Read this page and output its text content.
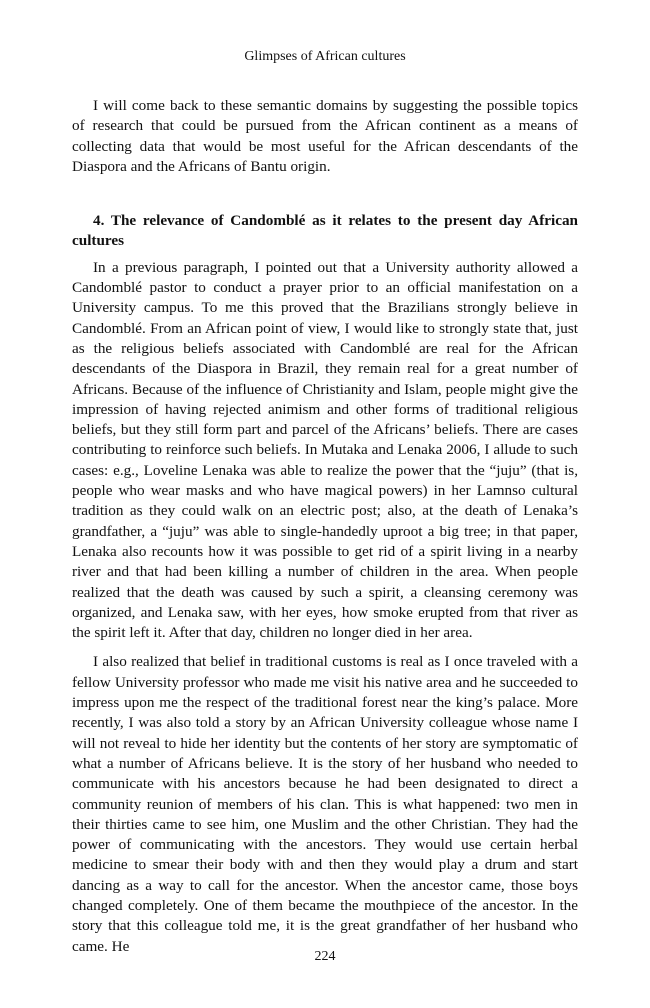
Glimpses of African cultures

I will come back to these semantic domains by suggesting the possible topics of research that could be pursued from the African continent as a means of collecting data that would be most useful for the African descendants of the Diaspora and the Africans of Bantu origin.

4. The relevance of Candomblé as it relates to the present day African cultures

In a previous paragraph, I pointed out that a University authority allowed a Candomblé pastor to conduct a prayer prior to an official manifestation on a University campus. To me this proved that the Brazilians strongly believe in Candomblé. From an African point of view, I would like to strongly state that, just as the religious beliefs associated with Candomblé are real for the African descendants of the Diaspora in Brazil, they remain real for a great number of Africans. Because of the influence of Christianity and Islam, people might give the impression of having rejected animism and other forms of traditional religious beliefs, but they still form part and parcel of the Africans’ beliefs. There are cases contributing to reinforce such beliefs. In Mutaka and Lenaka 2006, I allude to such cases: e.g., Loveline Lenaka was able to realize the power that the “juju” (that is, people who wear masks and who have magical powers) in her Lamnso cultural tradition as they could walk on an electric post; also, at the death of Lenaka’s grandfather, a “juju” was able to single-handedly uproot a big tree; in that paper, Lenaka also recounts how it was possible to get rid of a spirit living in a nearby river and that had been killing a number of children in the area. When people realized that the death was caused by such a spirit, a cleansing ceremony was organized, and Lenaka saw, with her eyes, how smoke erupted from that river as the spirit left it. After that day, children no longer died in her area.

I also realized that belief in traditional customs is real as I once traveled with a fellow University professor who made me visit his native area and he succeeded to impress upon me the respect of the traditional forest near the king’s palace. More recently, I was also told a story by an African University colleague whose name I will not reveal to hide her identity but the contents of her story are symptomatic of what a number of Africans believe. It is the story of her husband who needed to communicate with his ancestors because he had been designated to direct a community reunion of members of his clan. This is what happened: two men in their thirties came to see him, one Muslim and the other Christian. They had the power of communicating with the ancestors. They would use certain herbal medicine to smear their body with and then they would play a drum and start dancing as a way to call for the ancestor. When the ancestor came, those boys changed completely. One of them became the mouthpiece of the ancestor. In the story that this colleague told me, it is the great grandfather of her husband who came. He

224
